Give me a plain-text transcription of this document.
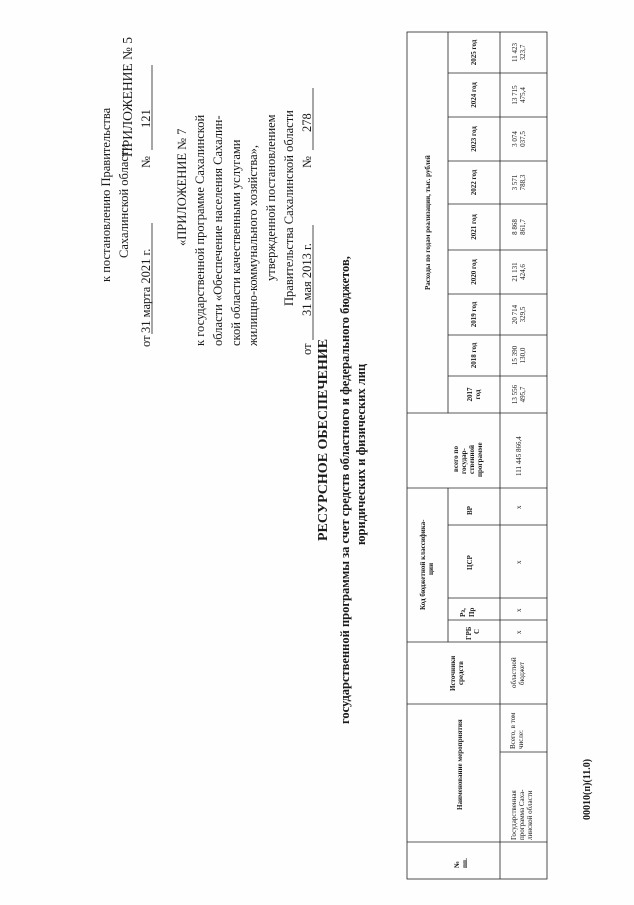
ПРИЛОЖЕНИЕ № 5
к постановлению Правительства Сахалинской области
от
31 марта 2021 г.
№
121
«ПРИЛОЖЕНИЕ № 7 к государственной программе Сахалинской области «Обеспечение населения Сахалин- ской области качественными услугами жилищно-коммунального хозяйства», утвержденной постановлением Правительства Сахалинской области
от
31 мая 2013 г.
№
278
РЕСУРСНОЕ ОБЕСПЕЧЕНИЕ государственной программы за счет средств областного и федерального бюджетов, юридических и физических лиц
№ пп.
Наименование мероприятия
Источники средств
Код бюджетной классифика- ции
ГРБ С
Рз, Пр
ЦСР
ВР
всего по государ- ственной программе
Расходы по годам реализации, тыс. рублей
2017 год
2018 год
2019 год
2020 год
2021 год
2022 год
2023 год
2024 год
2025 год
Государственная программа Саха- линской области
Всего, в том числе:
областной бюджет
х
х
х
х
111 445 866,4
13 556 495,7
15 390 130,0
20 714 329,5
21 131 424,6
8 868 861,7
3 571 788,3
3 074 037,5
13 715 475,4
11 423 323,7
00010(п)(11.0)
